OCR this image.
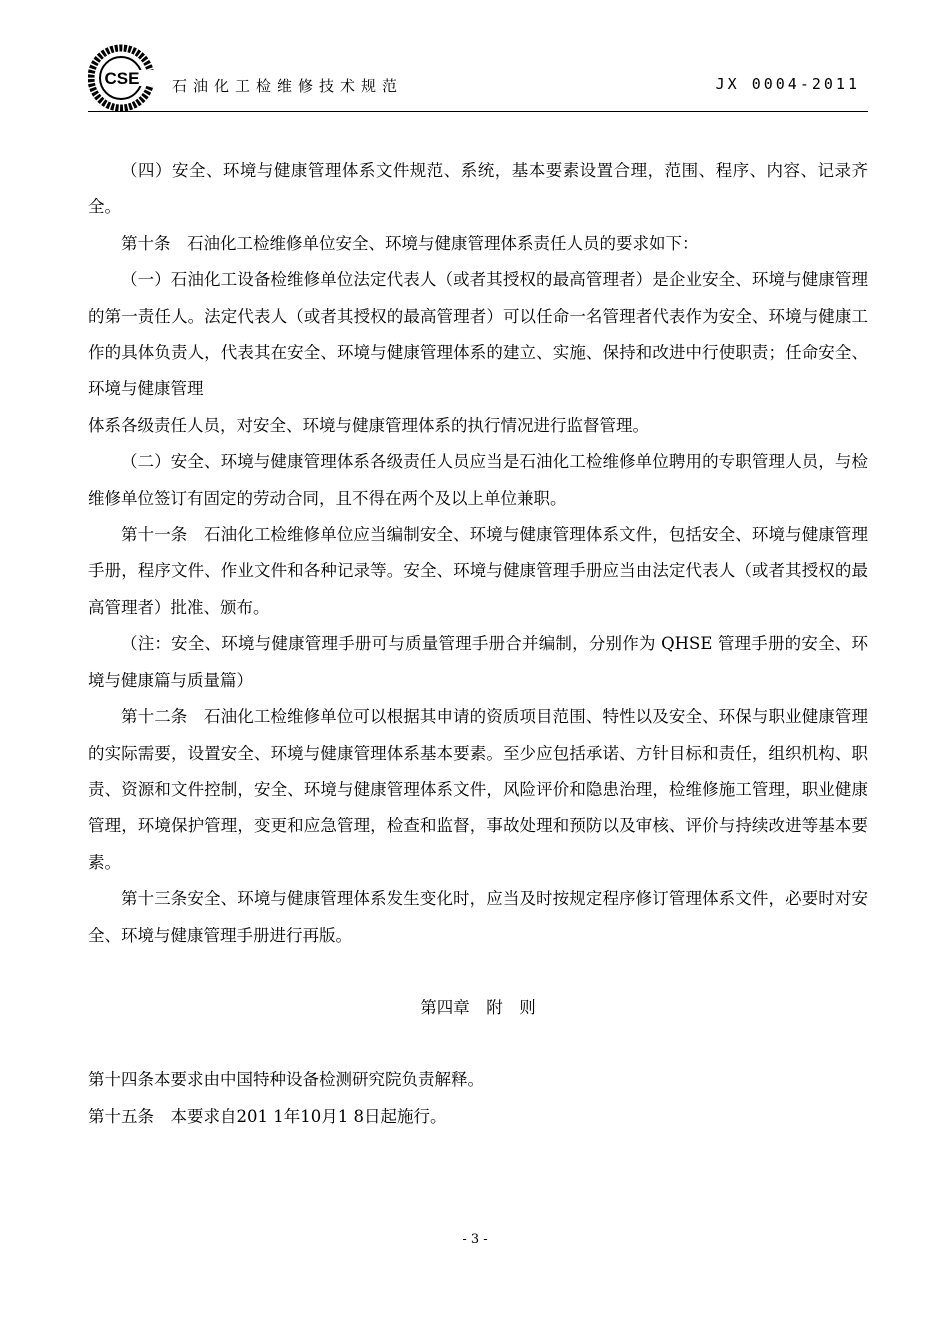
CSE 石油化工检维修技术规范	JX 0004-2011

（四）安全、环境与健康管理体系文件规范、系统，基本要素设置合理，范围、程序、内容、记录齐全。

第十条　石油化工检维修单位安全、环境与健康管理体系责任人员的要求如下：

（一）石油化工设备检维修单位法定代表人（或者其授权的最高管理者）是企业安全、环境与健康管理的第一责任人。法定代表人（或者其授权的最高管理者）可以任命一名管理者代表作为安全、环境与健康工作的具体负责人，代表其在安全、环境与健康管理体系的建立、实施、保持和改进中行使职责；任命安全、环境与健康管理

体系各级责任人员，对安全、环境与健康管理体系的执行情况进行监督管理。

（二）安全、环境与健康管理体系各级责任人员应当是石油化工检维修单位聘用的专职管理人员，与检维修单位签订有固定的劳动合同，且不得在两个及以上单位兼职。

第十一条　石油化工检维修单位应当编制安全、环境与健康管理体系文件，包括安全、环境与健康管理手册，程序文件、作业文件和各种记录等。安全、环境与健康管理手册应当由法定代表人（或者其授权的最高管理者）批准、颁布。

（注：安全、环境与健康管理手册可与质量管理手册合并编制，分别作为 QHSE 管理手册的安全、环境与健康篇与质量篇）

第十二条　石油化工检维修单位可以根据其申请的资质项目范围、特性以及安全、环保与职业健康管理的实际需要，设置安全、环境与健康管理体系基本要素。至少应包括承诺、方针目标和责任，组织机构、职责、资源和文件控制，安全、环境与健康管理体系文件，风险评价和隐患治理，检维修施工管理，职业健康管理，环境保护管理，变更和应急管理，检查和监督，事故处理和预防以及审核、评价与持续改进等基本要素。

第十三条安全、环境与健康管理体系发生变化时，应当及时按规定程序修订管理体系文件，必要时对安全、环境与健康管理手册进行再版。

第四章　附　则

第十四条本要求由中国特种设备检测研究院负责解释。

第十五条　本要求自201 1年10月1 8日起施行。

- 3 -
